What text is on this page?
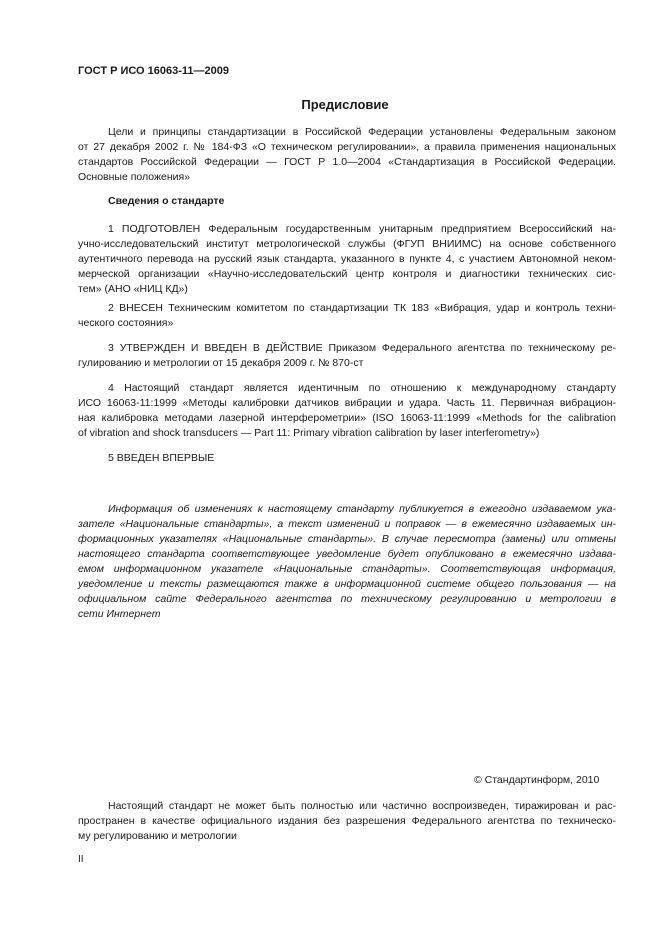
ГОСТ Р ИСО 16063-11—2009
Предисловие
Цели и принципы стандартизации в Российской Федерации установлены Федеральным законом
от 27 декабря 2002 г. № 184-ФЗ «О техническом регулировании», а правила применения национальных
стандартов Российской Федерации — ГОСТ Р 1.0—2004 «Стандартизация в Российской Федерации.
Основные положения»
Сведения о стандарте
1 ПОДГОТОВЛЕН Федеральным государственным унитарным предприятием Всероссийский на-
учно-исследовательский институт метрологической службы (ФГУП ВНИИМС) на основе собственного
аутентичного перевода на русский язык стандарта, указанного в пункте 4, с участием Автономной неком-
мерческой организации «Научно-исследовательский центр контроля и диагностики технических сис-
тем» (АНО «НИЦ КД»)
2 ВНЕСЕН Техническим комитетом по стандартизации ТК 183 «Вибрация, удар и контроль техни-
ческого состояния»
3 УТВЕРЖДЕН И ВВЕДЕН В ДЕЙСТВИЕ Приказом Федерального агентства по техническому ре-
гулированию и метрологии от 15 декабря 2009 г. № 870-ст
4 Настоящий стандарт является идентичным по отношению к международному стандарту
ИСО 16063-11:1999 «Методы калибровки датчиков вибрации и удара. Часть 11. Первичная вибрацион-
ная калибровка методами лазерной интерферометрии» (ISO 16063-11:1999 «Methods for the calibration
of vibration and shock transducers — Part 11: Primary vibration calibration by laser interferometry»)
5 ВВЕДЕН ВПЕРВЫЕ
Информация об изменениях к настоящему стандарту публикуется в ежегодно издаваемом ука-
зателе «Национальные стандарты», а текст изменений и поправок — в ежемесячно издаваемых ин-
формационных указателях «Национальные стандарты». В случае пересмотра (замены) или отмены
настоящего стандарта соответствующее уведомление будет опубликовано в ежемесячно издава-
емом информационном указателе «Национальные стандарты». Соответствующая информация,
уведомление и тексты размещаются также в информационной системе общего пользования — на
официальном сайте Федерального агентства по техническому регулированию и метрологии в
сети Интернет
© Стандартинформ, 2010
Настоящий стандарт не может быть полностью или частично воспроизведен, тиражирован и рас-
пространен в качестве официального издания без разрешения Федерального агентства по техническо-
му регулированию и метрологии
II
